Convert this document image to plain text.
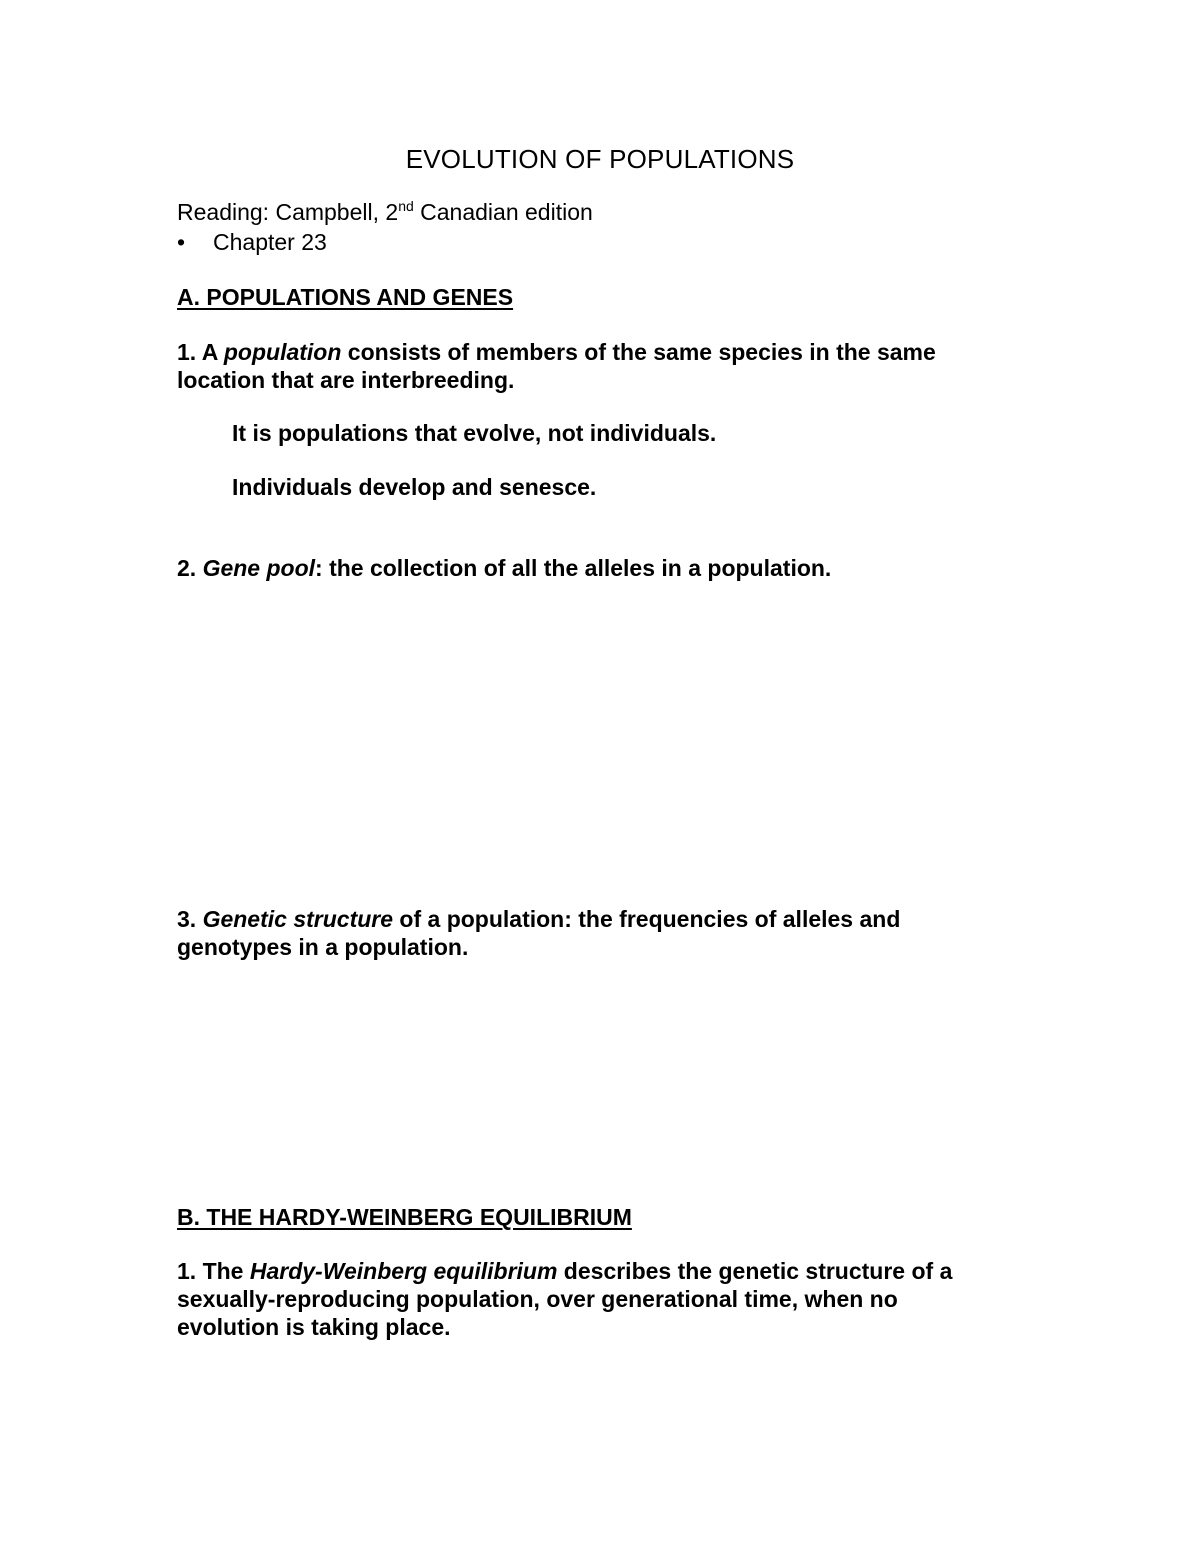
EVOLUTION OF POPULATIONS
Reading: Campbell, 2nd Canadian edition
• Chapter 23
A. POPULATIONS AND GENES
1. A population consists of members of the same species in the same
location that are interbreeding.
It is populations that evolve, not individuals.
Individuals develop and senesce.
2. Gene pool: the collection of all the alleles in a population.
3. Genetic structure of a population: the frequencies of alleles and
genotypes in a population.
B. THE HARDY-WEINBERG EQUILIBRIUM
1. The Hardy-Weinberg equilibrium describes the genetic structure of a
sexually-reproducing population, over generational time, when no
evolution is taking place.
